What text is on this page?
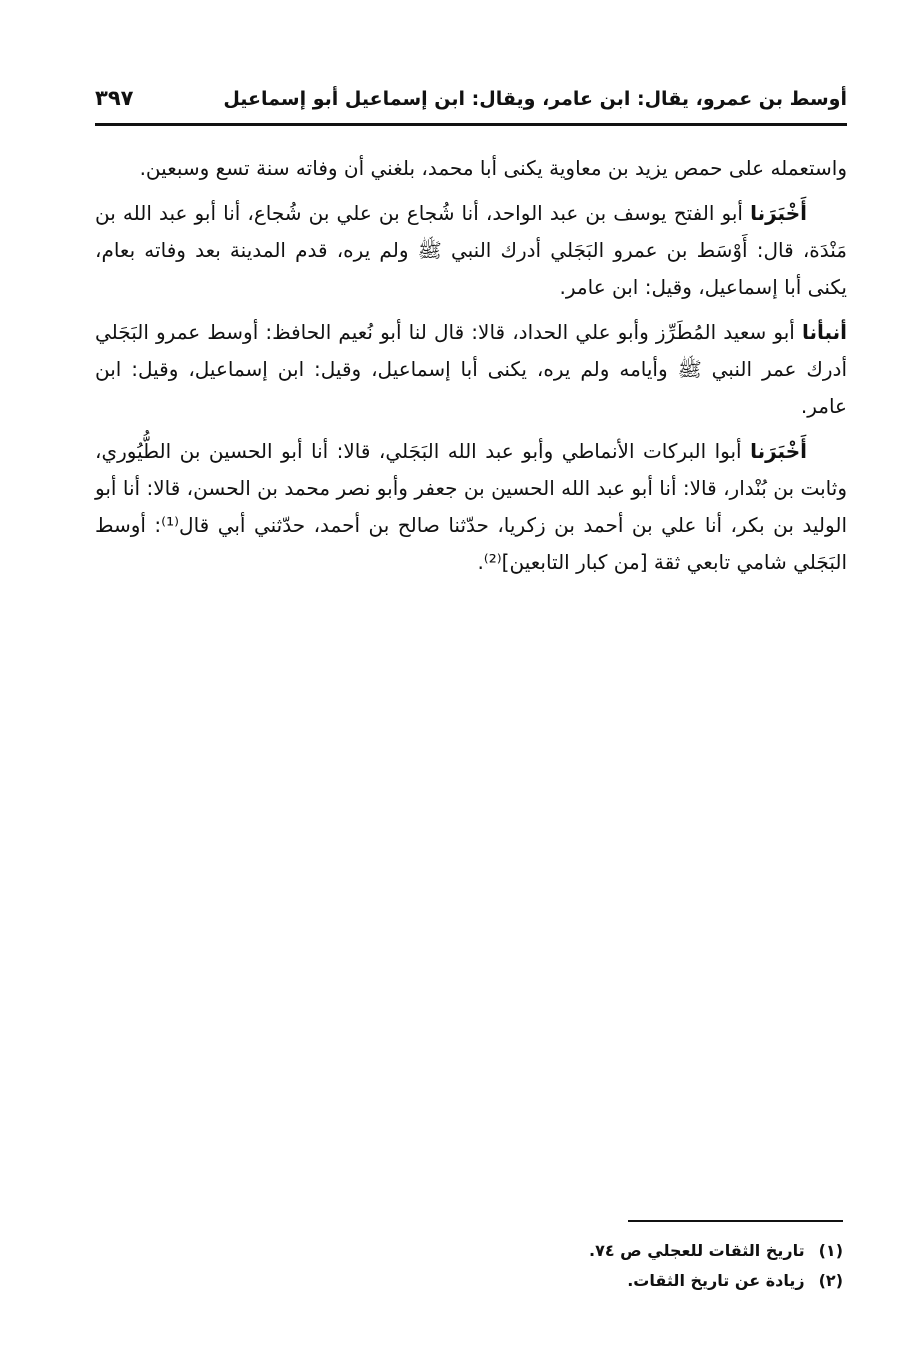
أوسط بن عمرو، يقال: ابن عامر، ويقال: ابن إسماعيل أبو إسماعيل
٣٩٧

واستعمله على حمص يزيد بن معاوية يكنى أبا محمد، بلغني أن وفاته سنة تسع وسبعين.

أَخْبَرَنا أبو الفتح يوسف بن عبد الواحد، أنا شُجاع بن علي بن شُجاع، أنا أبو عبد الله بن مَنْدَة، قال: أَوْسَط بن عمرو البَجَلي أدرك النبي ﷺ ولم يره، قدم المدينة بعد وفاته بعام، يكنى أبا إسماعيل، وقيل: ابن عامر.

أنبأنا أبو سعيد المُطَرِّز وأبو علي الحداد، قالا: قال لنا أبو نُعيم الحافظ: أوسط عمرو البَجَلي أدرك عمر النبي ﷺ وأيامه ولم يره، يكنى أبا إسماعيل، وقيل: ابن إسماعيل، وقيل: ابن عامر.

أَخْبَرَنا أبوا البركات الأنماطي وأبو عبد الله البَجَلي، قالا: أنا أبو الحسين بن الطُّيُوري، وثابت بن بُنْدار، قالا: أنا أبو عبد الله الحسين بن جعفر وأبو نصر محمد بن الحسن، قالا: أنا أبو الوليد بن بكر، أنا علي بن أحمد بن زكريا، حدّثنا صالح بن أحمد، حدّثني أبي قال⁽¹⁾: أوسط البَجَلي شامي تابعي ثقة [من كبار التابعين]⁽²⁾.

(١)تاريخ الثقات للعجلي ص ٧٤.
(٢)زيادة عن تاريخ الثقات.
